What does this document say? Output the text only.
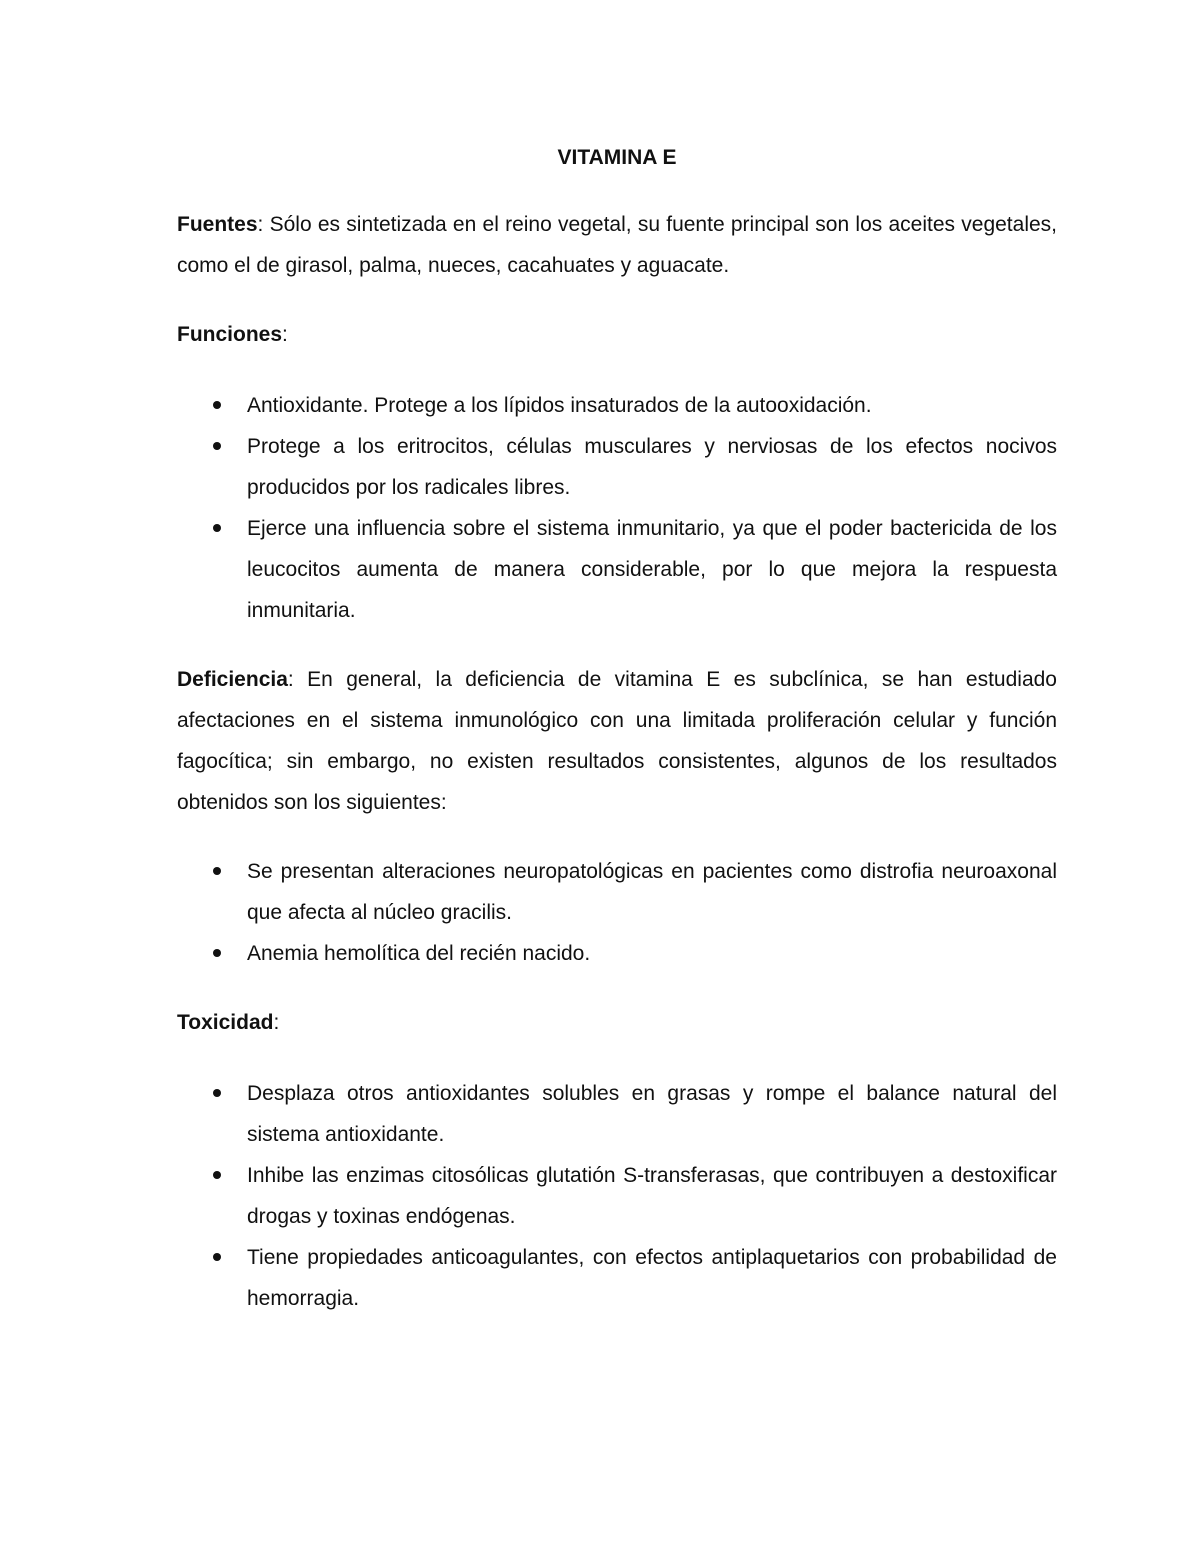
VITAMINA E

Fuentes: Sólo es sintetizada en el reino vegetal, su fuente principal son los aceites vegetales, como el de girasol, palma, nueces, cacahuates y aguacate.

Funciones:

Antioxidante. Protege a los lípidos insaturados de la autooxidación.
Protege a los eritrocitos, células musculares y nerviosas de los efectos nocivos producidos por los radicales libres.
Ejerce una influencia sobre el sistema inmunitario, ya que el poder bactericida de los leucocitos aumenta de manera considerable, por lo que mejora la respuesta inmunitaria.

Deficiencia: En general, la deficiencia de vitamina E es subclínica, se han estudiado afectaciones en el sistema inmunológico con una limitada proliferación celular y función fagocítica; sin embargo, no existen resultados consistentes, algunos de los resultados obtenidos son los siguientes:

Se presentan alteraciones neuropatológicas en pacientes como distrofia neuroaxonal que afecta al núcleo gracilis.
Anemia hemolítica del recién nacido.

Toxicidad:

Desplaza otros antioxidantes solubles en grasas y rompe el balance natural del sistema antioxidante.
Inhibe las enzimas citosólicas glutatión S-transferasas, que contribuyen a destoxificar drogas y toxinas endógenas.
Tiene propiedades anticoagulantes, con efectos antiplaquetarios con probabilidad de hemorragia.
